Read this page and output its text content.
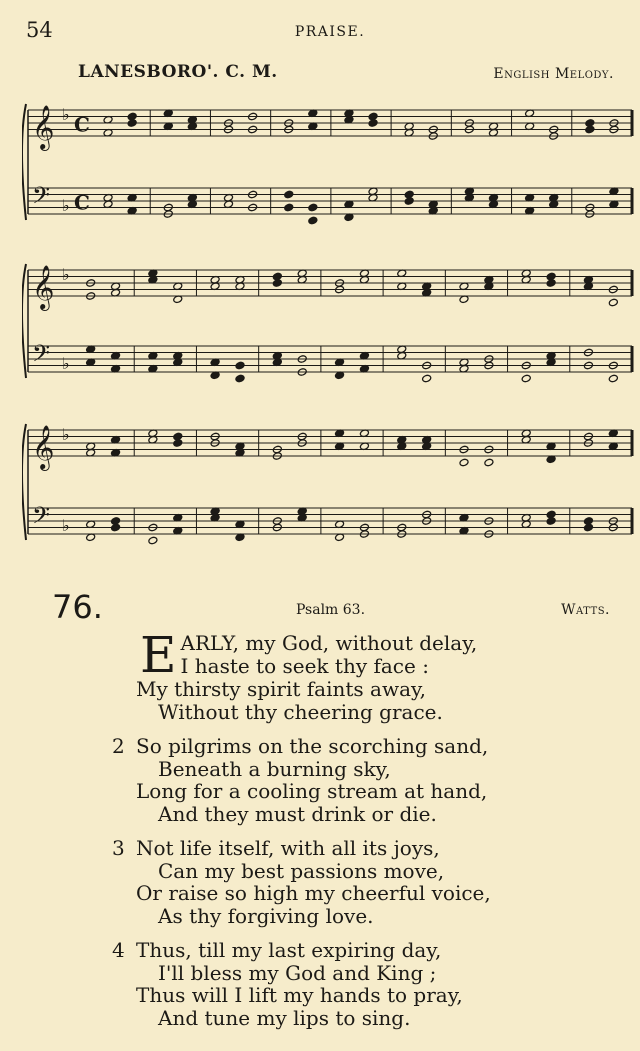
54	PRAISE.
LANESBORO'. C. M.	English Melody.
𝄞 ♭ C
𝄢 ♭ C
𝄞 ♭
𝄢 ♭
𝄞 ♭
𝄢 ♭
76.	Psalm 63.	Watts.
E ARLY, my God, without delay,
I haste to seek thy face :
My thirsty spirit faints away,
Without thy cheering grace.
2 So pilgrims on the scorching sand,
Beneath a burning sky,
Long for a cooling stream at hand,
And they must drink or die.
3 Not life itself, with all its joys,
Can my best passions move,
Or raise so high my cheerful voice,
As thy forgiving love.
4 Thus, till my last expiring day,
I'll bless my God and King ;
Thus will I lift my hands to pray,
And tune my lips to sing.
